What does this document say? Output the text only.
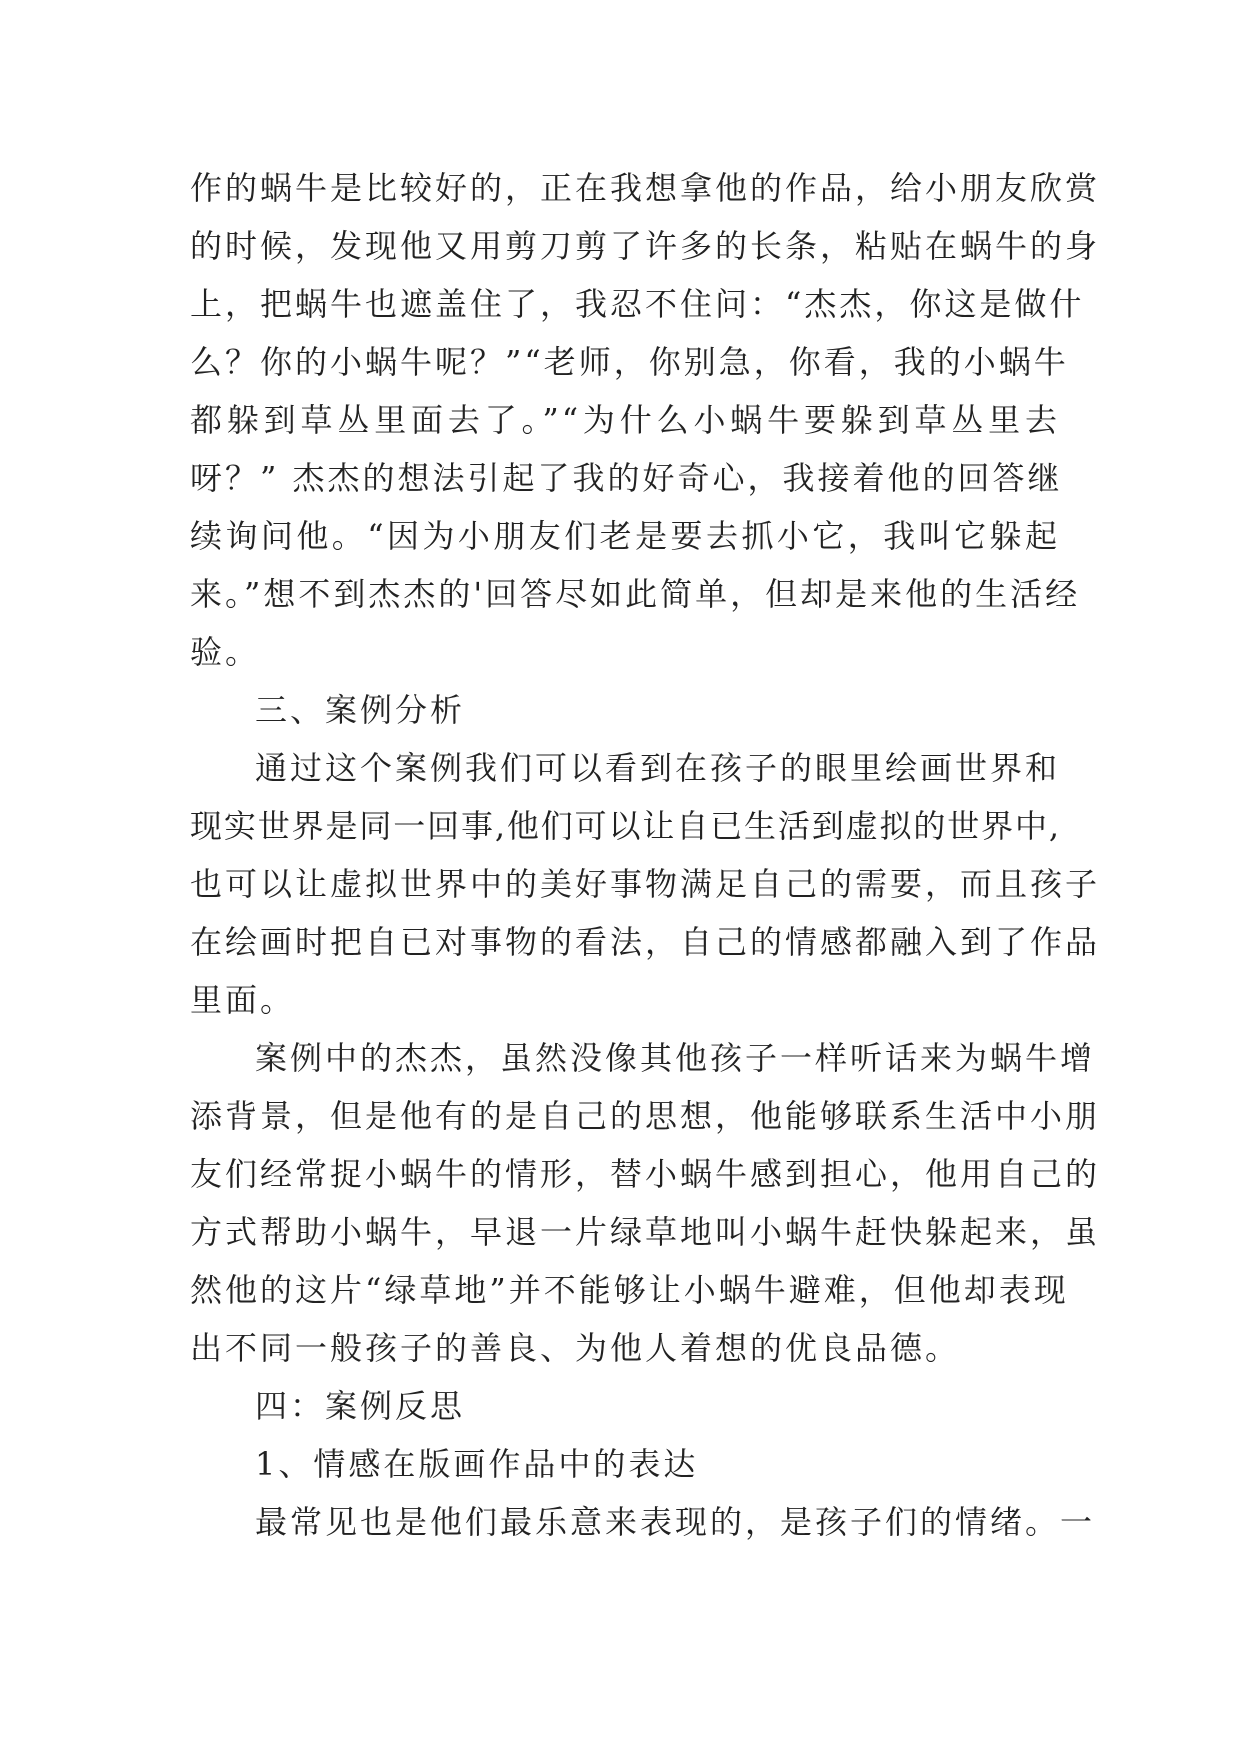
作的蜗牛是比较好的，正在我想拿他的作品，给小朋友欣赏
的时候，发现他又用剪刀剪了许多的长条，粘贴在蜗牛的身
上，把蜗牛也遮盖住了，我忍不住问：“杰杰，你这是做什
么？你的小蜗牛呢？”“老师，你别急，你看，我的小蜗牛
都躲到草丛里面去了。”“为什么小蜗牛要躲到草丛里去
呀？” 杰杰的想法引起了我的好奇心，我接着他的回答继
续询问他。“因为小朋友们老是要去抓小它，我叫它躲起
来。”想不到杰杰的'回答尽如此简单，但却是来他的生活经
验。
三、案例分析
通过这个案例我们可以看到在孩子的眼里绘画世界和
现实世界是同一回事,他们可以让自已生活到虚拟的世界中,
也可以让虚拟世界中的美好事物满足自己的需要，而且孩子
在绘画时把自已对事物的看法，自己的情感都融入到了作品
里面。
案例中的杰杰，虽然没像其他孩子一样听话来为蜗牛增
添背景，但是他有的是自己的思想，他能够联系生活中小朋
友们经常捉小蜗牛的情形，替小蜗牛感到担心，他用自己的
方式帮助小蜗牛，早退一片绿草地叫小蜗牛赶快躲起来，虽
然他的这片“绿草地”并不能够让小蜗牛避难，但他却表现
出不同一般孩子的善良、为他人着想的优良品德。
四：案例反思
1、情感在版画作品中的表达
最常见也是他们最乐意来表现的，是孩子们的情绪。一
